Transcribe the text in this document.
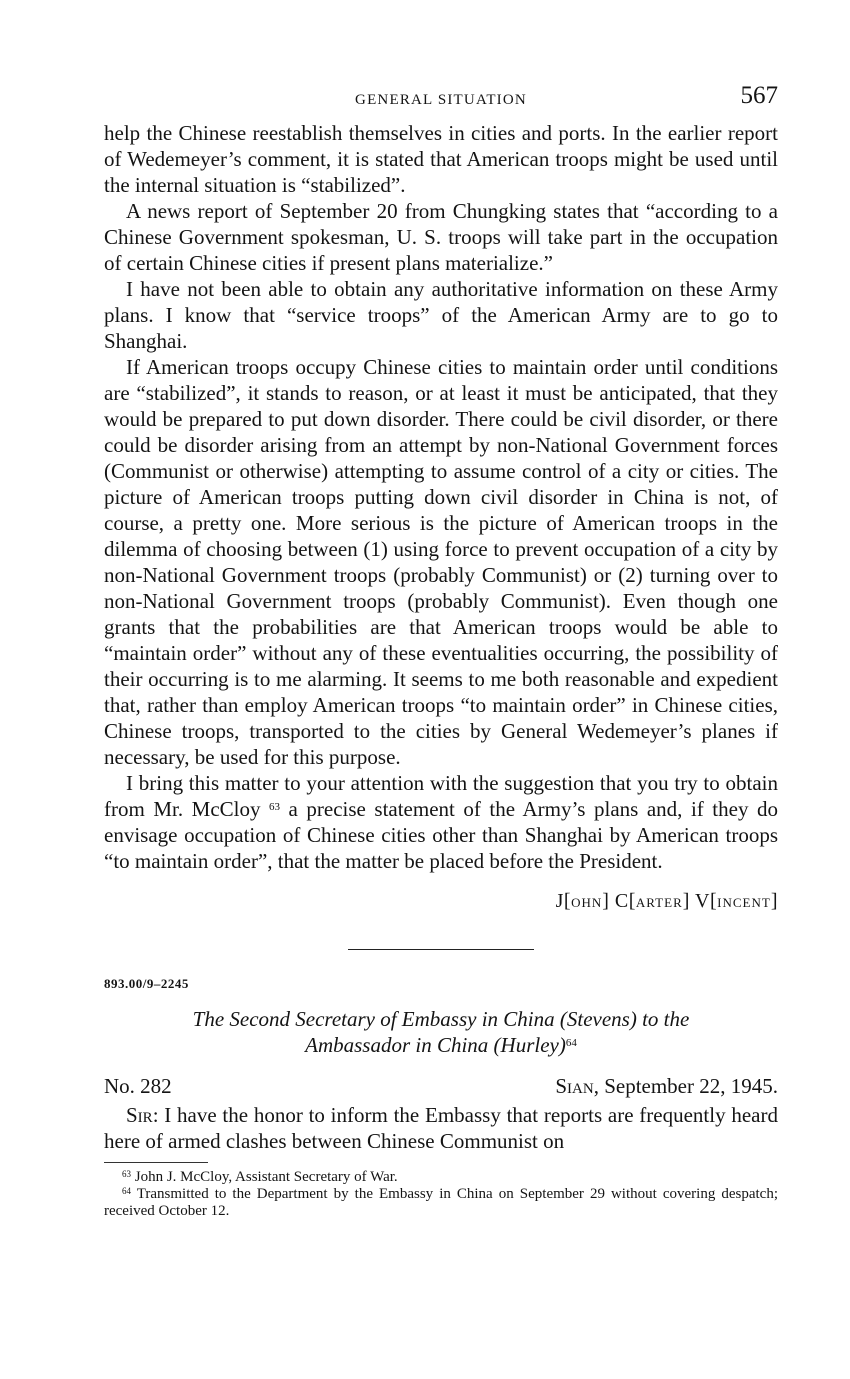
GENERAL SITUATION	567

help the Chinese reestablish themselves in cities and ports. In the earlier report of Wedemeyer’s comment, it is stated that American troops might be used until the internal situation is “stabilized”.

A news report of September 20 from Chungking states that “according to a Chinese Government spokesman, U. S. troops will take part in the occupation of certain Chinese cities if present plans materialize.”

I have not been able to obtain any authoritative information on these Army plans. I know that “service troops” of the American Army are to go to Shanghai.

If American troops occupy Chinese cities to maintain order until conditions are “stabilized”, it stands to reason, or at least it must be anticipated, that they would be prepared to put down disorder. There could be civil disorder, or there could be disorder arising from an attempt by non-National Government forces (Communist or otherwise) attempting to assume control of a city or cities. The picture of American troops putting down civil disorder in China is not, of course, a pretty one. More serious is the picture of American troops in the dilemma of choosing between (1) using force to prevent occupation of a city by non-National Government troops (probably Communist) or (2) turning over to non-National Government troops (probably Communist). Even though one grants that the probabilities are that American troops would be able to “maintain order” without any of these eventualities occurring, the possibility of their occurring is to me alarming. It seems to me both reasonable and expedient that, rather than employ American troops “to maintain order” in Chinese cities, Chinese troops, transported to the cities by General Wedemeyer’s planes if necessary, be used for this purpose.

I bring this matter to your attention with the suggestion that you try to obtain from Mr. McCloy $^{63}$ a precise statement of the Army’s plans and, if they do envisage occupation of Chinese cities other than Shanghai by American troops “to maintain order”, that the matter be placed before the President.

J[OHN] C[ARTER] V[INCENT]
893.00/9–2245
The Second Secretary of Embassy in China (Stevens) to the
Ambassador in China (Hurley)$^{64}$
No. 282	Sian, September 22, 1945.

Sir: I have the honor to inform the Embassy that reports are frequently heard here of armed clashes between Chinese Communist on

$^{63}$ John J. McCloy, Assistant Secretary of War.

$^{64}$ Transmitted to the Department by the Embassy in China on September 29 without covering despatch; received October 12.
